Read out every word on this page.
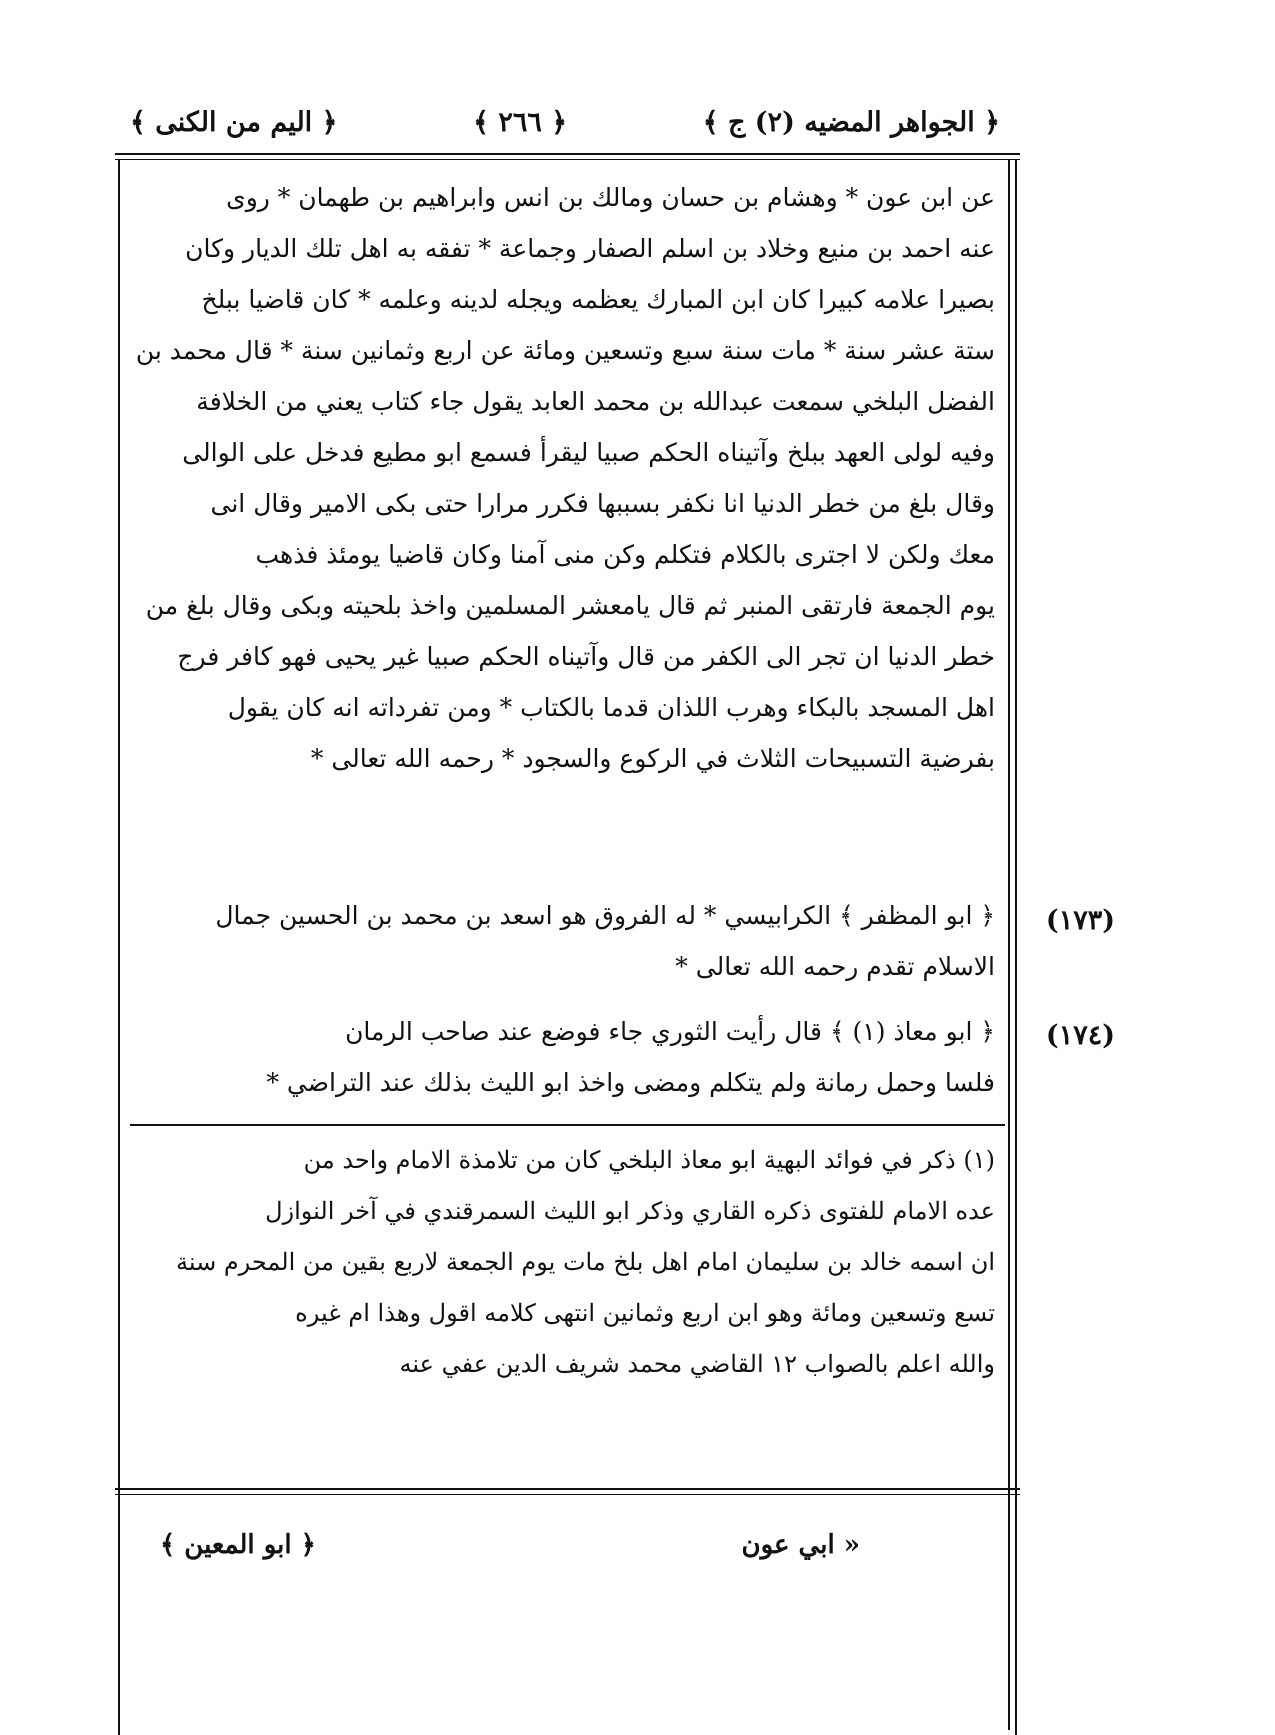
﴿ الجواهر المضيه (٢) ج ﴾
﴿ ٢٦٦ ﴾
﴿ اليم من الكنى ﴾

عن ابن عون * وهشام بن حسان ومالك بن انس وابراهيم بن طهمان * روى

عنه احمد بن منيع وخلاد بن اسلم الصفار وجماعة * تفقه به اهل تلك الديار وكان

بصيرا علامه كبيرا كان ابن المبارك يعظمه ويجله لدينه وعلمه * كان قاضيا ببلخ

ستة عشر سنة * مات سنة سبع وتسعين ومائة عن اربع وثمانين سنة * قال محمد بن

الفضل البلخي سمعت عبدالله بن محمد العابد يقول جاء كتاب يعني من الخلافة

وفيه لولى العهد ببلخ وآتيناه الحكم صبيا ليقرأ فسمع ابو مطيع فدخل على الوالى

وقال بلغ من خطر الدنيا انا نكفر بسببها فكرر مرارا حتى بكى الامير وقال انى

معك ولكن لا اجترى بالكلام فتكلم وكن منى آمنا وكان قاضيا يومئذ فذهب

يوم الجمعة فارتقى المنبر ثم قال يامعشر المسلمين واخذ بلحيته وبكى وقال بلغ من

خطر الدنيا ان تجر الى الكفر من قال وآتيناه الحكم صبيا غير يحيى فهو كافر فرج

اهل المسجد بالبكاء وهرب اللذان قدما بالكتاب * ومن تفرداته انه كان يقول

بفرضية التسبيحات الثلاث في الركوع والسجود * رحمه الله تعالى *

(١٧٣)

﴿ ابو المظفر ﴾ الكرابيسي * له الفروق هو اسعد بن محمد بن الحسين جمال

الاسلام تقدم رحمه الله تعالى *

(١٧٤)

﴿ ابو معاذ (١) ﴾ قال رأيت الثوري جاء فوضع عند صاحب الرمان

فلسا وحمل رمانة ولم يتكلم ومضى واخذ ابو الليث بذلك عند التراضي *

(١) ذكر في فوائد البهية ابو معاذ البلخي كان من تلامذة الامام واحد من

عده الامام للفتوى ذكره القاري وذكر ابو الليث السمرقندي في آخر النوازل

ان اسمه خالد بن سليمان امام اهل بلخ مات يوم الجمعة لاربع بقين من المحرم سنة

تسع وتسعين ومائة وهو ابن اربع وثمانين انتهى كلامه اقول وهذا ام غيره

والله اعلم بالصواب ١٢ القاضي محمد شريف الدين عفي عنه

« ابي عون
﴿ ابو المعين ﴾
